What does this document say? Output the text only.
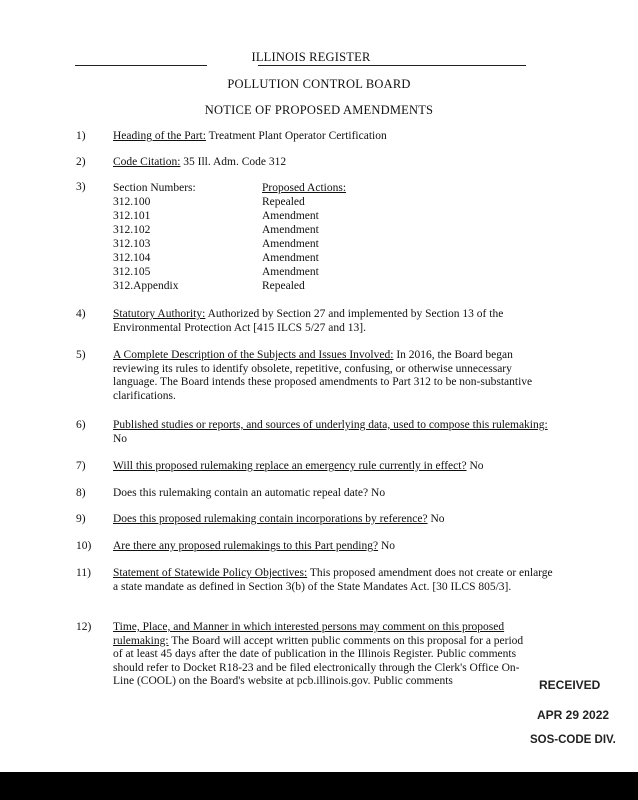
ILLINOIS REGISTER
POLLUTION CONTROL BOARD
NOTICE OF PROPOSED AMENDMENTS
1) Heading of the Part: Treatment Plant Operator Certification
2) Code Citation: 35 Ill. Adm. Code 312
3) Section Numbers:	Proposed Actions:
312.100	Repealed
312.101	Amendment
312.102	Amendment
312.103	Amendment
312.104	Amendment
312.105	Amendment
312.Appendix	Repealed
4) Statutory Authority: Authorized by Section 27 and implemented by Section 13 of the Environmental Protection Act [415 ILCS 5/27 and 13].
5) A Complete Description of the Subjects and Issues Involved: In 2016, the Board began reviewing its rules to identify obsolete, repetitive, confusing, or otherwise unnecessary language. The Board intends these proposed amendments to Part 312 to be non-substantive clarifications.
6) Published studies or reports, and sources of underlying data, used to compose this rulemaking: No
7) Will this proposed rulemaking replace an emergency rule currently in effect? No
8) Does this rulemaking contain an automatic repeal date? No
9) Does this proposed rulemaking contain incorporations by reference? No
10) Are there any proposed rulemakings to this Part pending? No
11) Statement of Statewide Policy Objectives: This proposed amendment does not create or enlarge a state mandate as defined in Section 3(b) of the State Mandates Act. [30 ILCS 805/3].
12) Time, Place, and Manner in which interested persons may comment on this proposed rulemaking: The Board will accept written public comments on this proposal for a period of at least 45 days after the date of publication in the Illinois Register. Public comments should refer to Docket R18-23 and be filed electronically through the Clerk's Office On-Line (COOL) on the Board's website at pcb.illinois.gov. Public comments	RECEIVED
APR 29 2022
SOS-CODE DIV.
